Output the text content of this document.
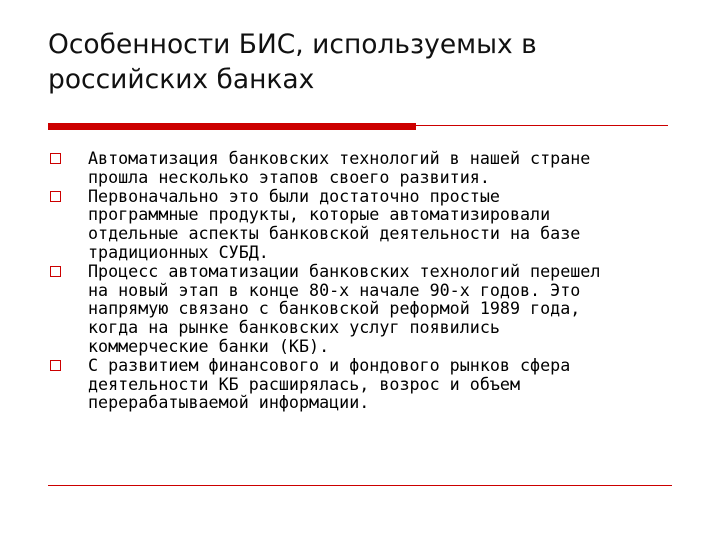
Особенности БИС, используемых в
российских банках
Автоматизация банковских технологий в нашей стране
прошла несколько этапов своего развития.
Первоначально это были достаточно простые
программные продукты, которые автоматизировали
отдельные аспекты банковской деятельности на базе
традиционных СУБД.
Процесс автоматизации банковских технологий перешел
на новый этап в конце 80-х начале 90-х годов. Это
напрямую связано с банковской реформой 1989 года,
когда на рынке банковских услуг появились
коммерческие банки (КБ).
С развитием финансового и фондового рынков сфера
деятельности КБ расширялась, возрос и объем
перерабатываемой информации.
